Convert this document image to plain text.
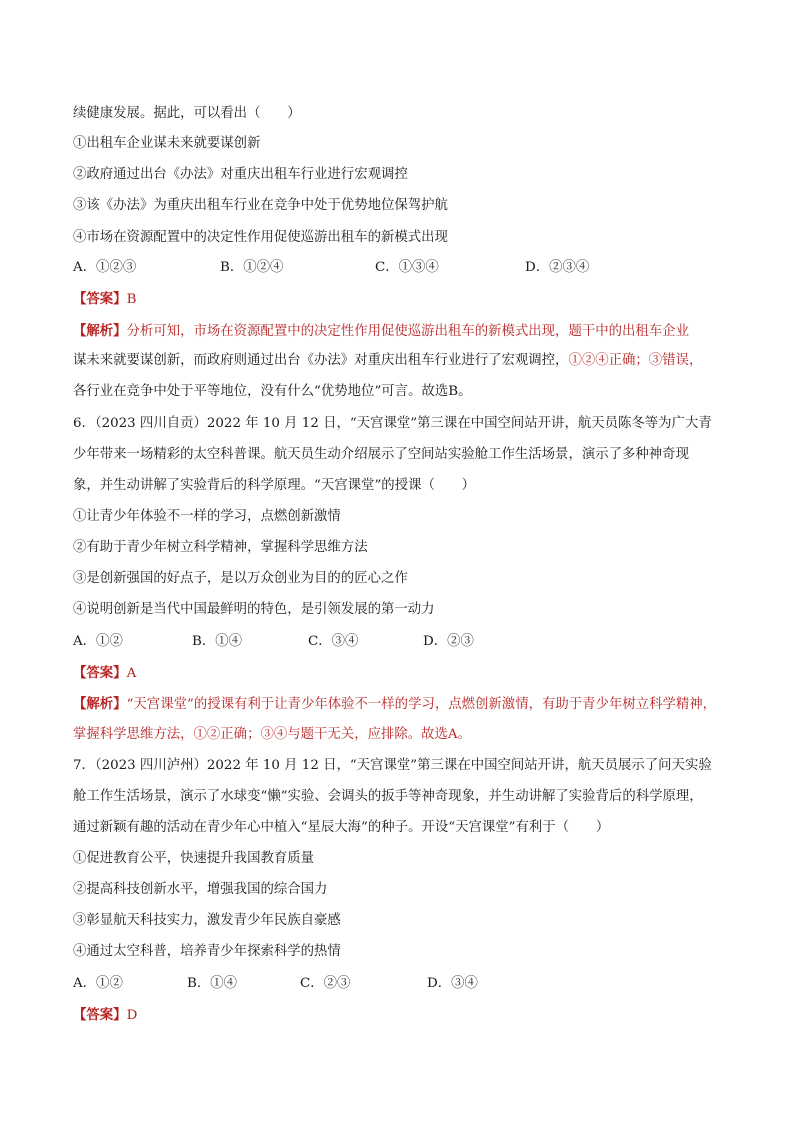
续健康发展。据此，可以看出（　　）
①出租车企业谋未来就要谋创新
②政府通过出台《办法》对重庆出租车行业进行宏观调控
③该《办法》为重庆出租车行业在竞争中处于优势地位保驾护航
④市场在资源配置中的决定性作用促使巡游出租车的新模式出现
A．①②③	B．①②④	C．①③④	D．②③④
【答案】B
【解析】分析可知，市场在资源配置中的决定性作用促使巡游出租车的新模式出现，题干中的出租车企业
谋未来就要谋创新，而政府则通过出台《办法》对重庆出租车行业进行了宏观调控，①②④正确；③错误，
各行业在竞争中处于平等地位，没有什么“优势地位”可言。故选B。
6．（2023 四川自贡）2022 年 10 月 12 日，“天宫课堂”第三课在中国空间站开讲，航天员陈冬等为广大青
少年带来一场精彩的太空科普课。航天员生动介绍展示了空间站实验舱工作生活场景，演示了多种神奇现
象，并生动讲解了实验背后的科学原理。“天宫课堂”的授课（　　）
①让青少年体验不一样的学习，点燃创新激情
②有助于青少年树立科学精神，掌握科学思维方法
③是创新强国的好点子，是以万众创业为目的的匠心之作
④说明创新是当代中国最鲜明的特色，是引领发展的第一动力
A．①②	B．①④	C．③④	D．②③
【答案】A
【解析】“天宫课堂”的授课有利于让青少年体验不一样的学习，点燃创新激情，有助于青少年树立科学精神，
掌握科学思维方法，①②正确；③④与题干无关，应排除。故选A。
7．（2023 四川泸州）2022 年 10 月 12 日，“天宫课堂”第三课在中国空间站开讲，航天员展示了问天实验
舱工作生活场景，演示了水球变“懒”实验、会调头的扳手等神奇现象，并生动讲解了实验背后的科学原理，
通过新颖有趣的活动在青少年心中植入“星辰大海”的种子。开设“天宫课堂”有利于（　　）
①促进教育公平，快速提升我国教育质量
②提高科技创新水平，增强我国的综合国力
③彰显航天科技实力，激发青少年民族自豪感
④通过太空科普，培养青少年探索科学的热情
A．①②	B．①④	C．②③	D．③④
【答案】D
